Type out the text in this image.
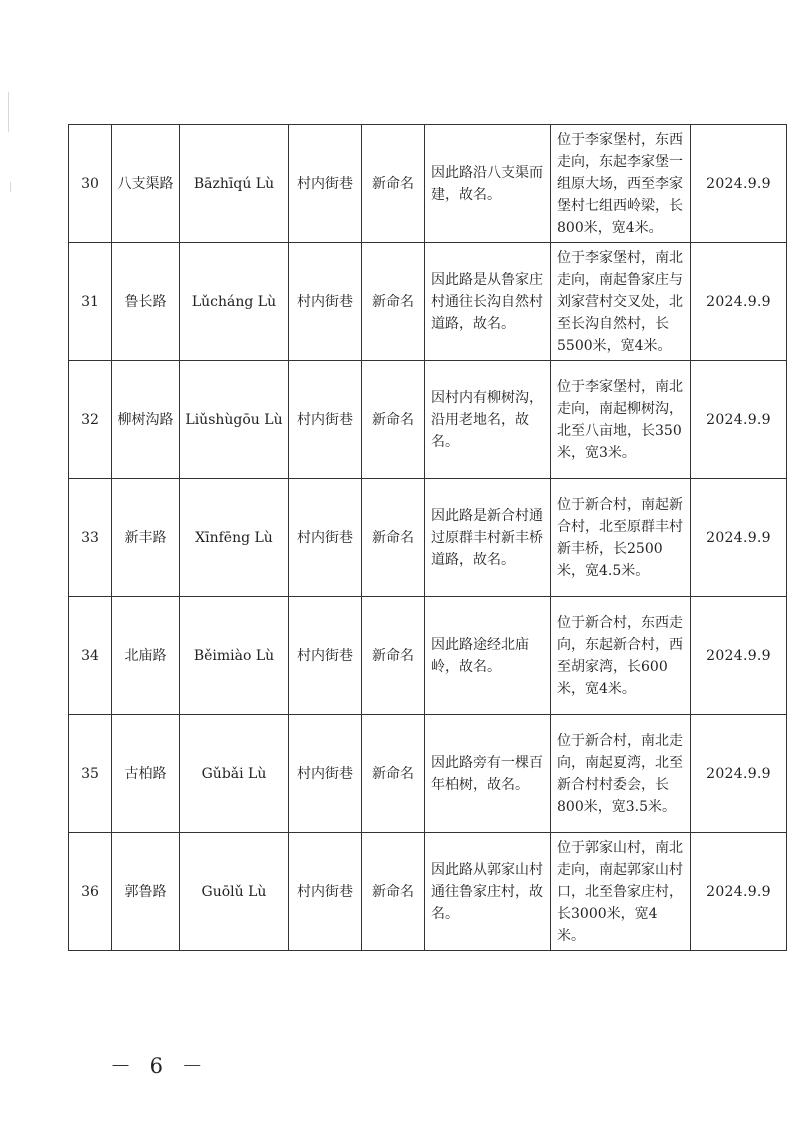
30	八支渠路	Bāzhīqú Lù	村内街巷	新命名	因此路沿八支渠而建，故名。	位于李家堡村，东西走向，东起李家堡一组原大场，西至李家堡村七组西岭梁，长800米，宽4米。	2024.9.9
31	鲁长路	Lǔcháng Lù	村内街巷	新命名	因此路是从鲁家庄村通往长沟自然村道路，故名。	位于李家堡村，南北走向，南起鲁家庄与刘家营村交叉处，北至长沟自然村，长5500米，宽4米。	2024.9.9
32	柳树沟路	Liǔshùgōu Lù	村内街巷	新命名	因村内有柳树沟，沿用老地名，故名。	位于李家堡村，南北走向，南起柳树沟，北至八亩地，长350米，宽3米。	2024.9.9
33	新丰路	Xīnfēng Lù	村内街巷	新命名	因此路是新合村通过原群丰村新丰桥道路，故名。	位于新合村，南起新合村，北至原群丰村新丰桥，长2500米，宽4.5米。	2024.9.9
34	北庙路	Běimiào Lù	村内街巷	新命名	因此路途经北庙岭，故名。	位于新合村，东西走向，东起新合村，西至胡家湾，长600米，宽4米。	2024.9.9
35	古柏路	Gǔbǎi Lù	村内街巷	新命名	因此路旁有一棵百年柏树，故名。	位于新合村，南北走向，南起夏湾，北至新合村村委会，长800米，宽3.5米。	2024.9.9
36	郭鲁路	Guōlǔ Lù	村内街巷	新命名	因此路从郭家山村通往鲁家庄村，故名。	位于郭家山村，南北走向，南起郭家山村口，北至鲁家庄村，长3000米，宽4米。	2024.9.9
－ 6 －
